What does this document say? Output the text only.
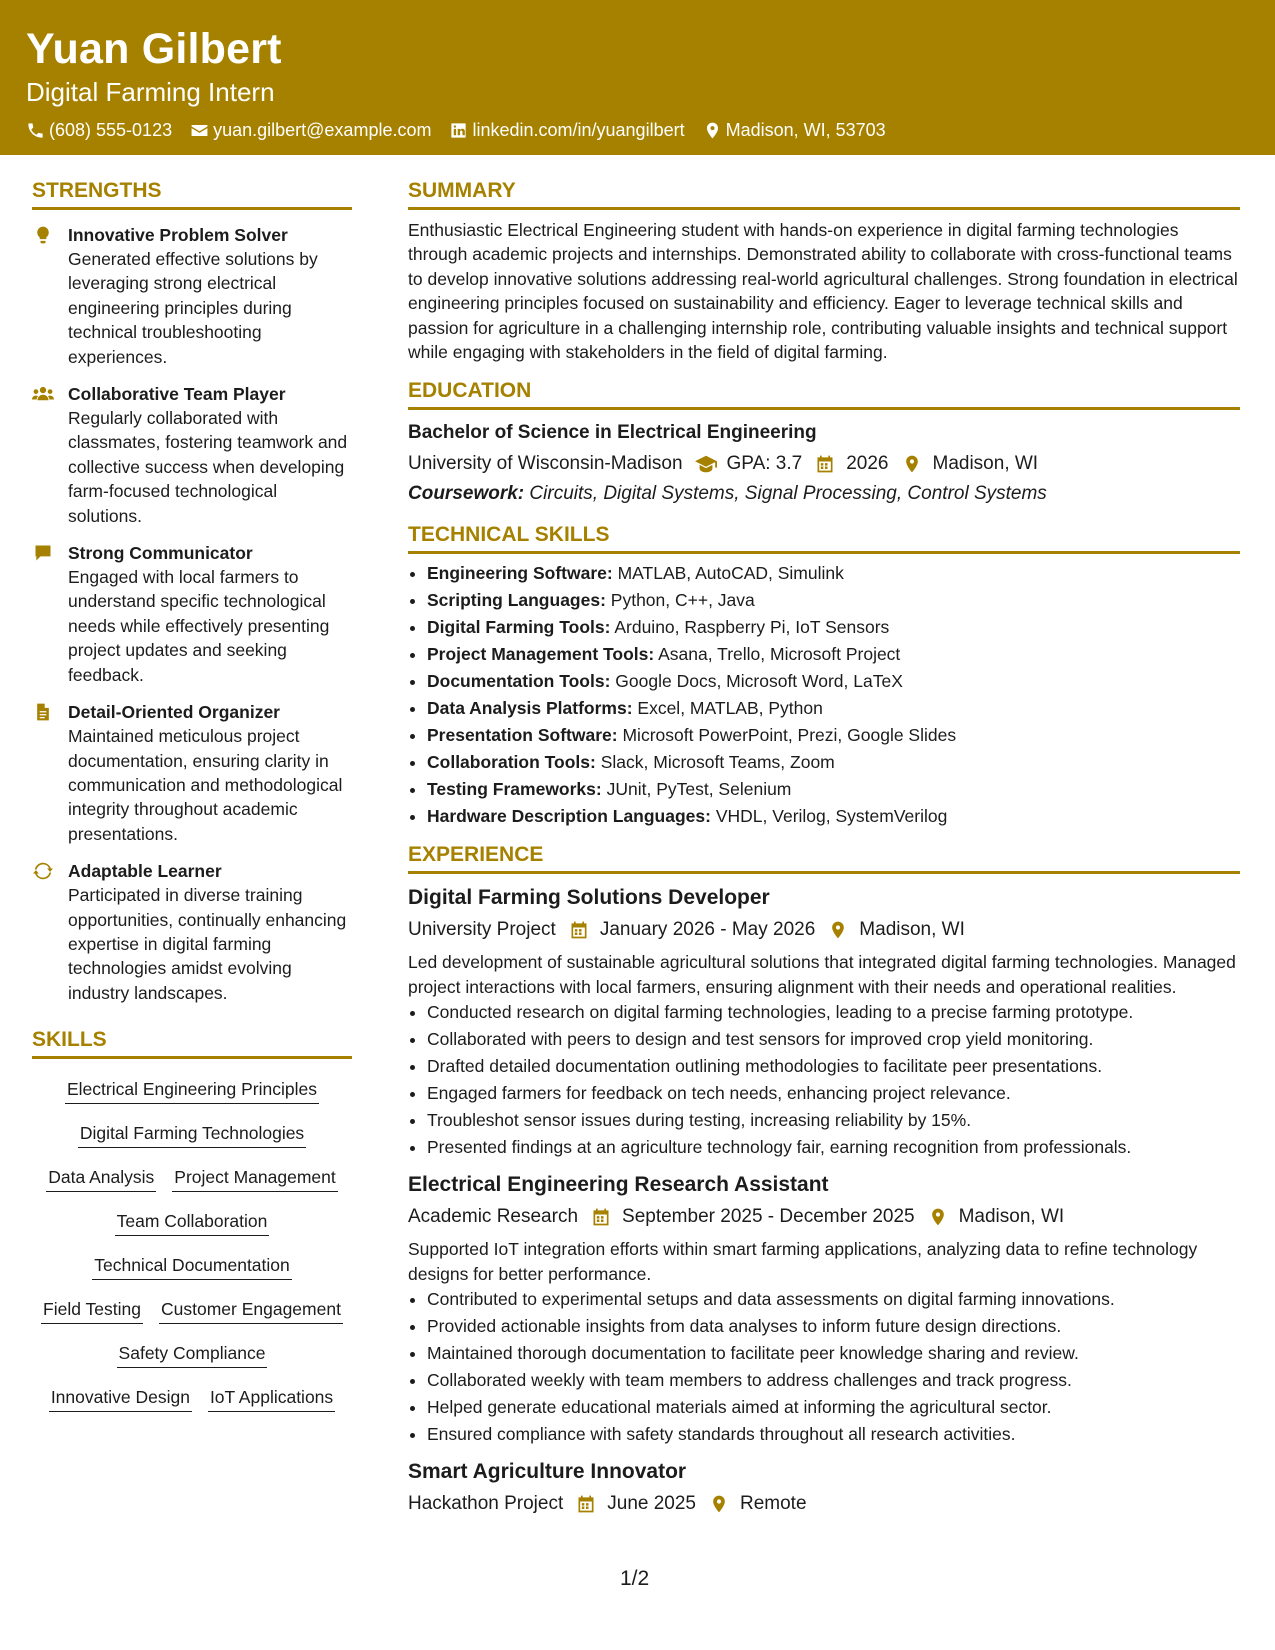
Yuan Gilbert
Digital Farming Intern
(608) 555-0123 yuan.gilbert@example.com linkedin.com/in/yuangilbert Madison, WI, 53703
STRENGTHS
Innovative Problem Solver
Generated effective solutions by leveraging strong electrical engineering principles during technical troubleshooting experiences.
Collaborative Team Player
Regularly collaborated with classmates, fostering teamwork and collective success when developing farm-focused technological solutions.
Strong Communicator
Engaged with local farmers to understand specific technological needs while effectively presenting project updates and seeking feedback.
Detail-Oriented Organizer
Maintained meticulous project documentation, ensuring clarity in communication and methodological integrity throughout academic presentations.
Adaptable Learner
Participated in diverse training opportunities, continually enhancing expertise in digital farming technologies amidst evolving industry landscapes.
SKILLS
Electrical Engineering Principles
Digital Farming Technologies
Data Analysis Project Management
Team Collaboration
Technical Documentation
Field Testing Customer Engagement
Safety Compliance
Innovative Design IoT Applications
SUMMARY
Enthusiastic Electrical Engineering student with hands-on experience in digital farming technologies through academic projects and internships. Demonstrated ability to collaborate with cross-functional teams to develop innovative solutions addressing real-world agricultural challenges. Strong foundation in electrical engineering principles focused on sustainability and efficiency. Eager to leverage technical skills and passion for agriculture in a challenging internship role, contributing valuable insights and technical support while engaging with stakeholders in the field of digital farming.
EDUCATION
Bachelor of Science in Electrical Engineering
University of Wisconsin-Madison GPA: 3.7 2026 Madison, WI
Coursework: Circuits, Digital Systems, Signal Processing, Control Systems
TECHNICAL SKILLS
• Engineering Software: MATLAB, AutoCAD, Simulink
• Scripting Languages: Python, C++, Java
• Digital Farming Tools: Arduino, Raspberry Pi, IoT Sensors
• Project Management Tools: Asana, Trello, Microsoft Project
• Documentation Tools: Google Docs, Microsoft Word, LaTeX
• Data Analysis Platforms: Excel, MATLAB, Python
• Presentation Software: Microsoft PowerPoint, Prezi, Google Slides
• Collaboration Tools: Slack, Microsoft Teams, Zoom
• Testing Frameworks: JUnit, PyTest, Selenium
• Hardware Description Languages: VHDL, Verilog, SystemVerilog
EXPERIENCE
Digital Farming Solutions Developer
University Project January 2026 - May 2026 Madison, WI
Led development of sustainable agricultural solutions that integrated digital farming technologies. Managed project interactions with local farmers, ensuring alignment with their needs and operational realities.
• Conducted research on digital farming technologies, leading to a precise farming prototype.
• Collaborated with peers to design and test sensors for improved crop yield monitoring.
• Drafted detailed documentation outlining methodologies to facilitate peer presentations.
• Engaged farmers for feedback on tech needs, enhancing project relevance.
• Troubleshot sensor issues during testing, increasing reliability by 15%.
• Presented findings at an agriculture technology fair, earning recognition from professionals.
Electrical Engineering Research Assistant
Academic Research September 2025 - December 2025 Madison, WI
Supported IoT integration efforts within smart farming applications, analyzing data to refine technology designs for better performance.
• Contributed to experimental setups and data assessments on digital farming innovations.
• Provided actionable insights from data analyses to inform future design directions.
• Maintained thorough documentation to facilitate peer knowledge sharing and review.
• Collaborated weekly with team members to address challenges and track progress.
• Helped generate educational materials aimed at informing the agricultural sector.
• Ensured compliance with safety standards throughout all research activities.
Smart Agriculture Innovator
Hackathon Project June 2025 Remote
1/2
